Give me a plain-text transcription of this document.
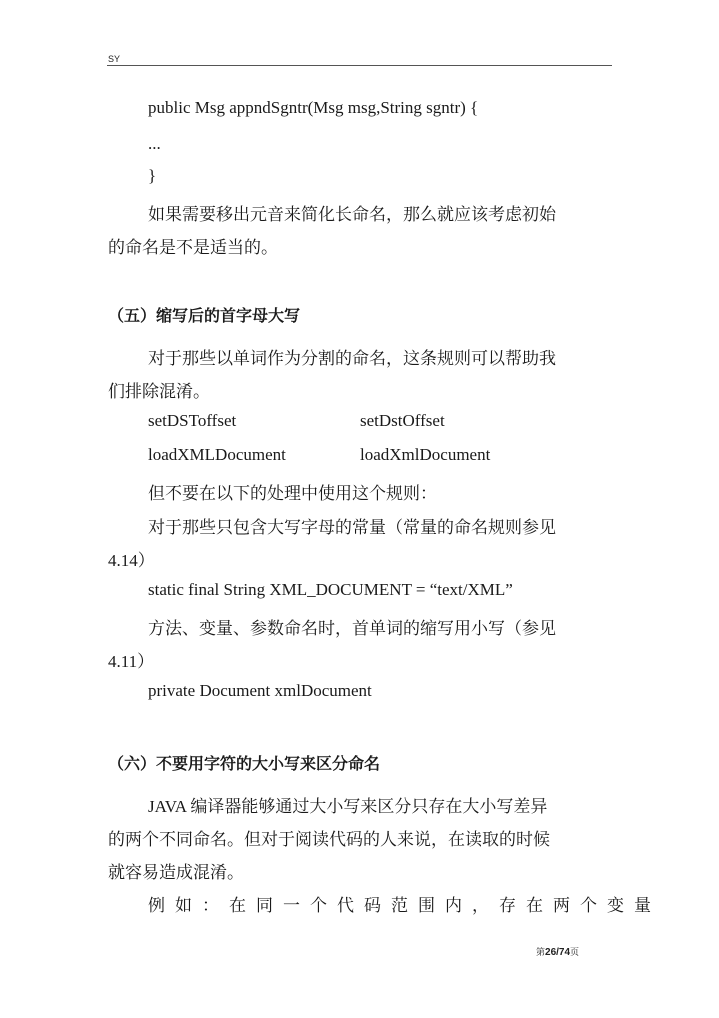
SY
public Msg appndSgntr(Msg msg,String sgntr) {
...
}
如果需要移出元音来简化长命名，那么就应该考虑初始
的命名是不是适当的。
（五）缩写后的首字母大写
对于那些以单词作为分割的命名，这条规则可以帮助我
们排除混淆。
setDSToffset	setDstOffset
loadXMLDocument	loadXmlDocument
但不要在以下的处理中使用这个规则：
对于那些只包含大写字母的常量（常量的命名规则参见
4.14）
static final String XML_DOCUMENT = “text/XML”
方法、变量、参数命名时，首单词的缩写用小写（参见
4.11）
private Document xmlDocument
（六）不要用字符的大小写来区分命名
JAVA 编译器能够通过大小写来区分只存在大小写差异
的两个不同命名。但对于阅读代码的人来说，在读取的时候
就容易造成混淆。
例如：在同一个代码范围内，存在两个变量
第26/74页
